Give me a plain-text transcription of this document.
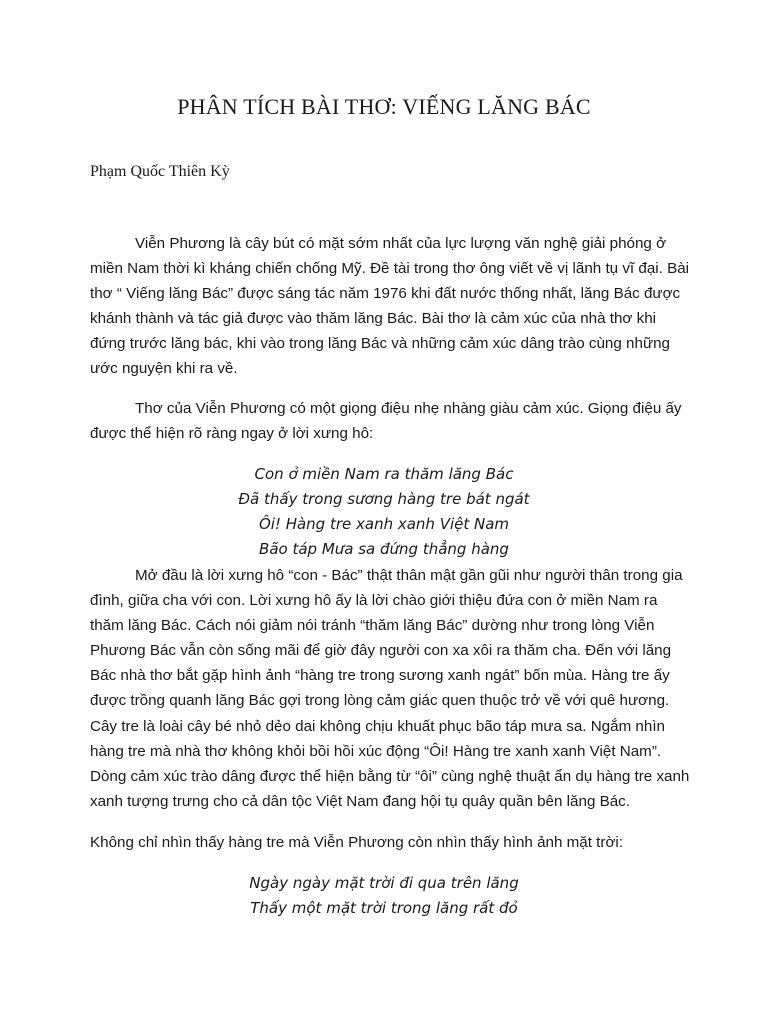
PHÂN TÍCH BÀI THƠ: VIẾNG LĂNG BÁC

Phạm Quốc Thiên Kỳ

Viễn Phương là cây bút có mặt sớm nhất của lực lượng văn nghệ giải phóng ở miền Nam thời kì kháng chiến chống Mỹ. Đề tài trong thơ ông viết về vị lãnh tụ vĩ đại. Bài thơ “ Viếng lăng Bác” được sáng tác năm 1976 khi đất nước thống nhất, lăng Bác được khánh thành và tác giả được vào thăm lăng Bác. Bài thơ là cảm xúc của nhà thơ khi đứng trước lăng bác, khi vào trong lăng Bác và những cảm xúc dâng trào cùng những ước nguyện khi ra về.

Thơ của Viễn Phương có một giọng điệu nhẹ nhàng giàu cảm xúc. Giọng điệu ấy được thể hiện rõ ràng ngay ở lời xưng hô:

Con ở miền Nam ra thăm lăng Bác
Đã thấy trong sương hàng tre bát ngát
Ôi! Hàng tre xanh xanh Việt Nam
Bão táp Mưa sa đứng thẳng hàng

Mở đầu là lời xưng hô “con - Bác” thật thân mật gần gũi như người thân trong gia đình, giữa cha với con. Lời xưng hô ấy là lời chào giới thiệu đứa con ở miền Nam ra thăm lăng Bác. Cách nói giảm nói tránh “thăm lăng Bác” dường như trong lòng Viễn Phương Bác vẫn còn sống mãi để giờ đây người con xa xôi ra thăm cha. Đến với lăng Bác nhà thơ bắt gặp hình ảnh “hàng tre trong sương xanh ngát” bốn mùa. Hàng tre ấy được trồng quanh lăng Bác gợi trong lòng cảm giác quen thuộc trở về với quê hương. Cây tre là loài cây bé nhỏ dẻo dai không chịu khuất phục bão táp mưa sa. Ngắm nhìn hàng tre mà nhà thơ không khỏi bồi hồi xúc động “Ôi! Hàng tre xanh xanh Việt Nam”. Dòng cảm xúc trào dâng được thể hiện bằng từ “ôi” cùng nghệ thuật ẩn dụ hàng tre xanh xanh tượng trưng cho cả dân tộc Việt Nam đang hội tụ quây quần bên lăng Bác.

Không chỉ nhìn thấy hàng tre mà Viễn Phương còn nhìn thấy hình ảnh mặt trời:

Ngày ngày mặt trời đi qua trên lăng
Thấy một mặt trời trong lăng rất đỏ
